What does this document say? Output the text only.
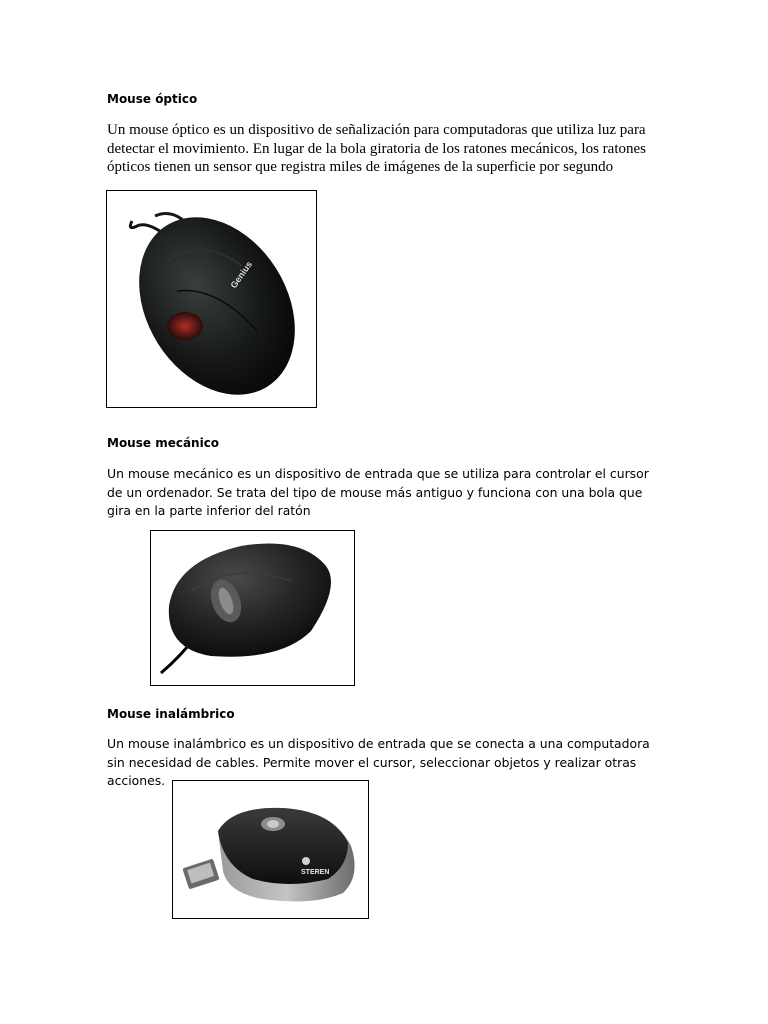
Mouse óptico

Un mouse óptico es un dispositivo de señalización para computadoras que utiliza luz para detectar el movimiento. En lugar de la bola giratoria de los ratones mecánicos, los ratones ópticos tienen un sensor que registra miles de imágenes de la superficie por segundo

Genius
Mouse mecánico

Un mouse mecánico es un dispositivo de entrada que se utiliza para controlar el cursor de un ordenador. Se trata del tipo de mouse más antiguo y funciona con una bola que gira en la parte inferior del ratón

Mouse inalámbrico

Un mouse inalámbrico es un dispositivo de entrada que se conecta a una computadora sin necesidad de cables. Permite mover el cursor, seleccionar objetos y realizar otras acciones.

STEREN
